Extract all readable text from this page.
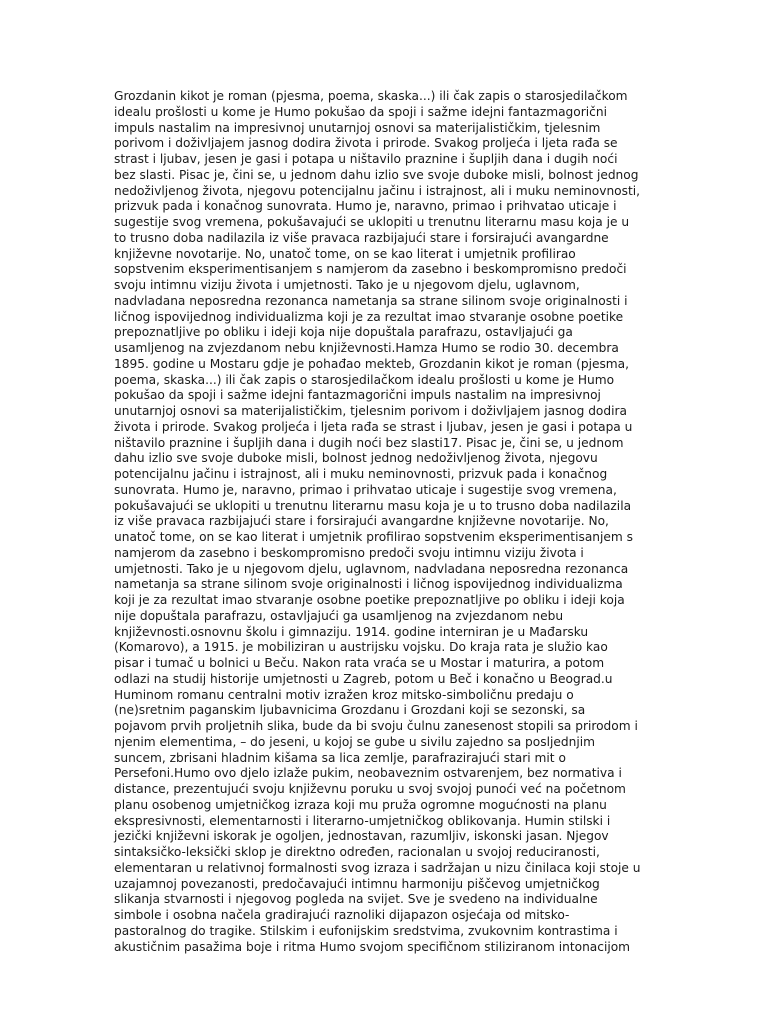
Grozdanin kikot je roman (pjesma, poema, skaska...) ili čak zapis o starosjedilačkom
idealu prošlosti u kome je Humo pokušao da spoji i sažme idejni fantazmagorični
impuls nastalim na impresivnoj unutarnjoj osnovi sa materijalističkim, tjelesnim
porivom i doživljajem jasnog dodira života i prirode. Svakog proljeća i ljeta rađa se
strast i ljubav, jesen je gasi i potapa u ništavilo praznine i šupljih dana i dugih noći
bez slasti. Pisac je, čini se, u jednom dahu izlio sve svoje duboke misli, bolnost jednog
nedoživljenog života, njegovu potencijalnu jačinu i istrajnost, ali i muku neminovnosti,
prizvuk pada i konačnog sunovrata. Humo je, naravno, primao i prihvatao uticaje i
sugestije svog vremena, pokušavajući se uklopiti u trenutnu literarnu masu koja je u
to trusno doba nadilazila iz više pravaca razbijajući stare i forsirajući avangardne
književne novotarije. No, unatoč tome, on se kao literat i umjetnik profilirao
sopstvenim eksperimentisanjem s namjerom da zasebno i beskompromisno predoči
svoju intimnu viziju života i umjetnosti. Tako je u njegovom djelu, uglavnom,
nadvladana neposredna rezonanca nametanja sa strane silinom svoje originalnosti i
ličnog ispovijednog individualizma koji je za rezultat imao stvaranje osobne poetike
prepoznatljive po obliku i ideji koja nije dopuštala parafrazu, ostavljajući ga
usamljenog na zvjezdanom nebu književnosti.Hamza Humo se rodio 30. decembra
1895. godine u Mostaru gdje je pohađao mekteb, Grozdanin kikot je roman (pjesma,
poema, skaska...) ili čak zapis o starosjedilačkom idealu prošlosti u kome je Humo
pokušao da spoji i sažme idejni fantazmagorični impuls nastalim na impresivnoj
unutarnjoj osnovi sa materijalističkim, tjelesnim porivom i doživljajem jasnog dodira
života i prirode. Svakog proljeća i ljeta rađa se strast i ljubav, jesen je gasi i potapa u
ništavilo praznine i šupljih dana i dugih noći bez slasti17. Pisac je, čini se, u jednom
dahu izlio sve svoje duboke misli, bolnost jednog nedoživljenog života, njegovu
potencijalnu jačinu i istrajnost, ali i muku neminovnosti, prizvuk pada i konačnog
sunovrata. Humo je, naravno, primao i prihvatao uticaje i sugestije svog vremena,
pokušavajući se uklopiti u trenutnu literarnu masu koja je u to trusno doba nadilazila
iz više pravaca razbijajući stare i forsirajući avangardne književne novotarije. No,
unatoč tome, on se kao literat i umjetnik profilirao sopstvenim eksperimentisanjem s
namjerom da zasebno i beskompromisno predoči svoju intimnu viziju života i
umjetnosti. Tako je u njegovom djelu, uglavnom, nadvladana neposredna rezonanca
nametanja sa strane silinom svoje originalnosti i ličnog ispovijednog individualizma
koji je za rezultat imao stvaranje osobne poetike prepoznatljive po obliku i ideji koja
nije dopuštala parafrazu, ostavljajući ga usamljenog na zvjezdanom nebu
književnosti.osnovnu školu i gimnaziju. 1914. godine interniran je u Mađarsku
(Komarovo), a 1915. je mobiliziran u austrijsku vojsku. Do kraja rata je služio kao
pisar i tumač u bolnici u Beču. Nakon rata vraća se u Mostar i maturira, a potom
odlazi na studij historije umjetnosti u Zagreb, potom u Beč i konačno u Beograd.u
Huminom romanu centralni motiv izražen kroz mitsko-simboličnu predaju o
(ne)sretnim paganskim ljubavnicima Grozdanu i Grozdani koji se sezonski, sa
pojavom prvih proljetnih slika, bude da bi svoju čulnu zanesenost stopili sa prirodom i
njenim elementima, – do jeseni, u kojoj se gube u sivilu zajedno sa posljednjim
suncem, zbrisani hladnim kišama sa lica zemlje, parafrazirajući stari mit o
Persefoni.Humo ovo djelo izlaže pukim, neobaveznim ostvarenjem, bez normativa i
distance, prezentujući svoju književnu poruku u svoj svojoj punoći već na početnom
planu osobenog umjetničkog izraza koji mu pruža ogromne mogućnosti na planu
ekspresivnosti, elementarnosti i literarno-umjetničkog oblikovanja. Humin stilski i
jezički književni iskorak je ogoljen, jednostavan, razumljiv, iskonski jasan. Njegov
sintaksičko-leksički sklop je direktno određen, racionalan u svojoj reduciranosti,
elementaran u relativnoj formalnosti svog izraza i sadržajan u nizu činilaca koji stoje u
uzajamnoj povezanosti, predočavajući intimnu harmoniju piščevog umjetničkog
slikanja stvarnosti i njegovog pogleda na svijet. Sve je svedeno na individualne
simbole i osobna načela gradirajući raznoliki dijapazon osjećaja od mitsko-
pastoralnog do tragike. Stilskim i eufonijskim sredstvima, zvukovnim kontrastima i
akustičnim pasažima boje i ritma Humo svojom specifičnom stiliziranom intonacijom
